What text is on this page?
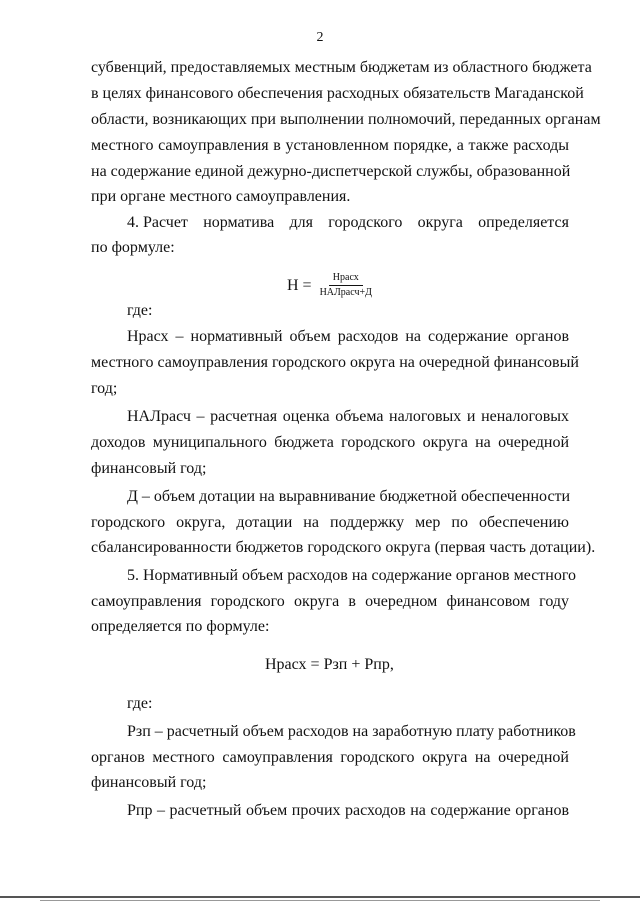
2
субвенций, предоставляемых местным бюджетам из областного бюджета
в целях финансового обеспечения расходных обязательств Магаданской
области, возникающих при выполнении полномочий, переданных органам
местного самоуправления в установленном порядке, а также расходы
на содержание единой дежурно-диспетчерской службы, образованной
при органе местного самоуправления.
4. Расчет норматива для городского округа определяется
по формуле:
$Н = \frac{\text{Нрасх}}{\text{НАЛрасч+Д}}$
где:
Нрасх – нормативный объем расходов на содержание органов
местного самоуправления городского округа на очередной финансовый
год;
НАЛрасч – расчетная оценка объема налоговых и неналоговых
доходов муниципального бюджета городского округа на очередной
финансовый год;
Д – объем дотации на выравнивание бюджетной обеспеченности
городского округа, дотации на поддержку мер по обеспечению
сбалансированности бюджетов городского округа (первая часть дотации).
5. Нормативный объем расходов на содержание органов местного
самоуправления городского округа в очередном финансовом году
определяется по формуле:
Нрасх = Рзп + Рпр,
где:
Рзп – расчетный объем расходов на заработную плату работников
органов местного самоуправления городского округа на очередной
финансовый год;
Рпр – расчетный объем прочих расходов на содержание органов
